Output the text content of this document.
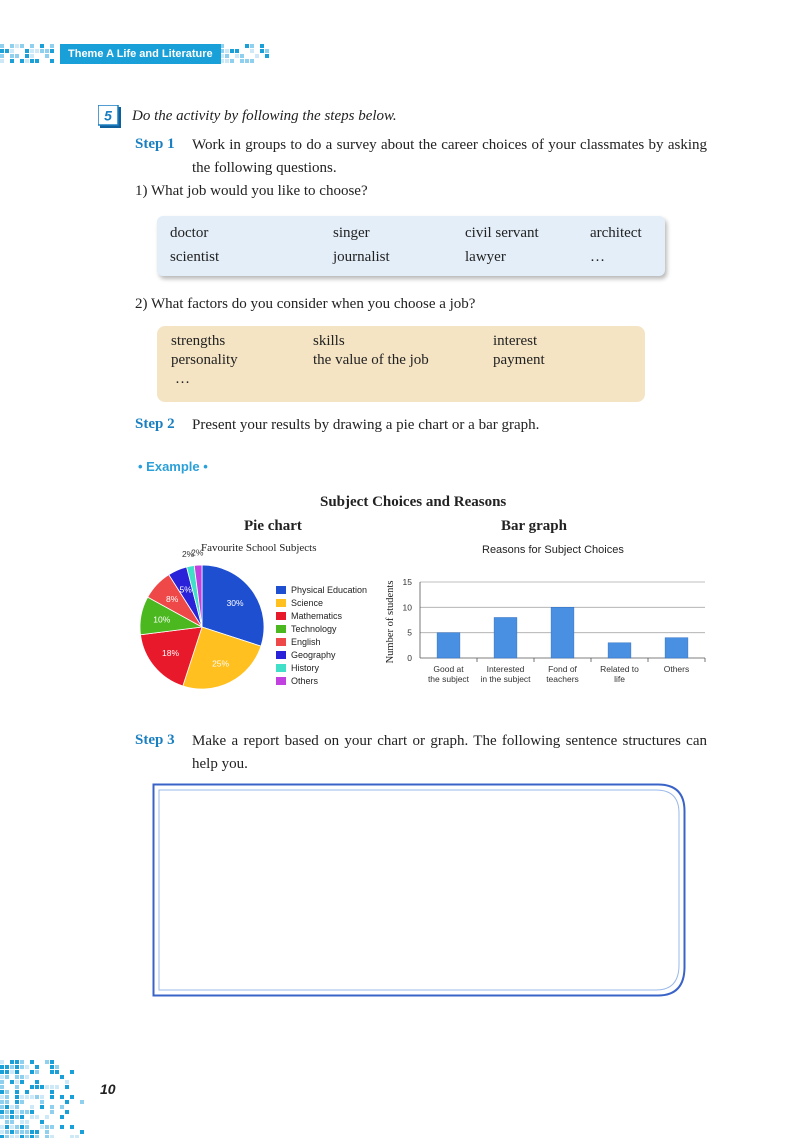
Theme A Life and Literature
5 Do the activity by following the steps below.
Step 1 Work in groups to do a survey about the career choices of your classmates by asking the following questions.
1) What job would you like to choose?
doctor	singer	civil servant	architect
scientist	journalist	lawyer	…
2) What factors do you consider when you choose a job?
strengths	skills	interest
personality	the value of the job	payment
…
Step 2 Present your results by drawing a pie chart or a bar graph.
• Example •
Subject Choices and Reasons
Pie chart
Favourite School Subjects
30%
25%
18%
10%
8%
5%
2%
2%
Physical Education
Science
Mathematics
Technology
English
Geography
History
Others
Bar graph
Reasons for Subject Choices
0
5
10
15
Number of students
Good at
the subject
Interested
in the subject
Fond of
teachers
Related to
life
Others
Step 3 Make a report based on your chart or graph. The following sentence structures can help you.
10
